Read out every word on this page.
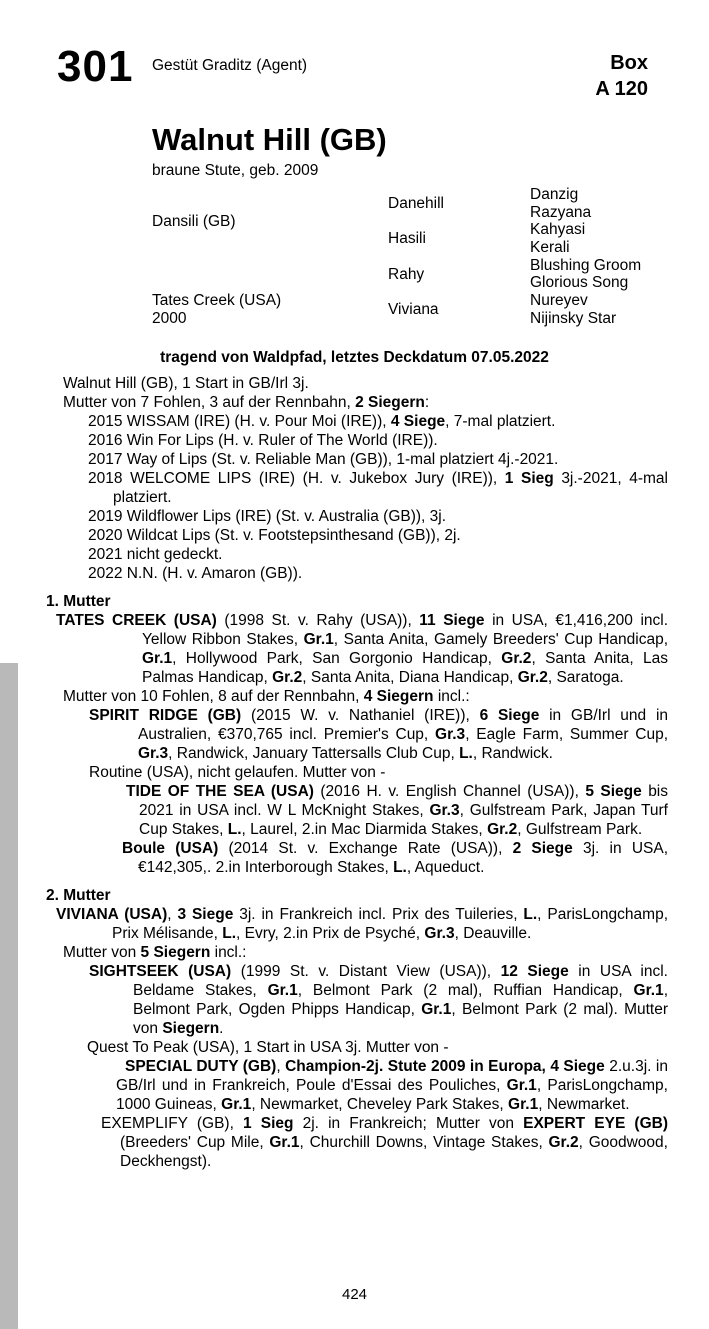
301 Gestüt Graditz (Agent)	Box
A 120
Walnut Hill (GB)
braune Stute, geb. 2009
Dansili (GB)
Tates Creek (USA)
2000
Danehill
Hasili
Rahy
Viviana
Danzig
Razyana
Kahyasi
Kerali
Blushing Groom
Glorious Song
Nureyev
Nijinsky Star
tragend von Waldpfad, letztes Deckdatum 07.05.2022

Walnut Hill (GB), 1 Start in GB/Irl 3j.

Mutter von 7 Fohlen, 3 auf der Rennbahn, 2 Siegern:

2015 WISSAM (IRE) (H. v. Pour Moi (IRE)), 4 Siege, 7-mal platziert.

2016 Win For Lips (H. v. Ruler of The World (IRE)).

2017 Way of Lips (St. v. Reliable Man (GB)), 1-mal platziert 4j.-2021.

2018 WELCOME LIPS (IRE) (H. v. Jukebox Jury (IRE)), 1 Sieg 3j.-2021, 4-mal platziert.

2019 Wildflower Lips (IRE) (St. v. Australia (GB)), 3j.

2020 Wildcat Lips (St. v. Footstepsinthesand (GB)), 2j.

2021 nicht gedeckt.

2022 N.N. (H. v. Amaron (GB)).

1. Mutter

TATES CREEK (USA) (1998 St. v. Rahy (USA)), 11 Siege in USA, €1,416,200 incl. Yellow Ribbon Stakes, Gr.1, Santa Anita, Gamely Breeders' Cup Handicap, Gr.1, Hollywood Park, San Gorgonio Handicap, Gr.2, Santa Anita, Las Palmas Handicap, Gr.2, Santa Anita, Diana Handicap, Gr.2, Saratoga.

Mutter von 10 Fohlen, 8 auf der Rennbahn, 4 Siegern incl.:

SPIRIT RIDGE (GB) (2015 W. v. Nathaniel (IRE)), 6 Siege in GB/Irl und in Australien, €370,765 incl. Premier's Cup, Gr.3, Eagle Farm, Summer Cup, Gr.3, Randwick, January Tattersalls Club Cup, L., Randwick.

Routine (USA), nicht gelaufen. Mutter von -

TIDE OF THE SEA (USA) (2016 H. v. English Channel (USA)), 5 Siege bis 2021 in USA incl. W L McKnight Stakes, Gr.3, Gulfstream Park, Japan Turf Cup Stakes, L., Laurel, 2.in Mac Diarmida Stakes, Gr.2, Gulfstream Park.

Boule (USA) (2014 St. v. Exchange Rate (USA)), 2 Siege 3j. in USA, €142,305,. 2.in Interborough Stakes, L., Aqueduct.

2. Mutter

VIVIANA (USA), 3 Siege 3j. in Frankreich incl. Prix des Tuileries, L., ParisLongchamp, Prix Mélisande, L., Evry, 2.in Prix de Psyché, Gr.3, Deauville.

Mutter von 5 Siegern incl.:

SIGHTSEEK (USA) (1999 St. v. Distant View (USA)), 12 Siege in USA incl. Beldame Stakes, Gr.1, Belmont Park (2 mal), Ruffian Handicap, Gr.1, Belmont Park, Ogden Phipps Handicap, Gr.1, Belmont Park (2 mal). Mutter von Siegern.

Quest To Peak (USA), 1 Start in USA 3j. Mutter von -

SPECIAL DUTY (GB), Champion-2j. Stute 2009 in Europa, 4 Siege 2.u.3j. in GB/Irl und in Frankreich, Poule d'Essai des Pouliches, Gr.1, ParisLongchamp, 1000 Guineas, Gr.1, Newmarket, Cheveley Park Stakes, Gr.1, Newmarket.

EXEMPLIFY (GB), 1 Sieg 2j. in Frankreich; Mutter von EXPERT EYE (GB) (Breeders' Cup Mile, Gr.1, Churchill Downs, Vintage Stakes, Gr.2, Goodwood, Deckhengst).

424
